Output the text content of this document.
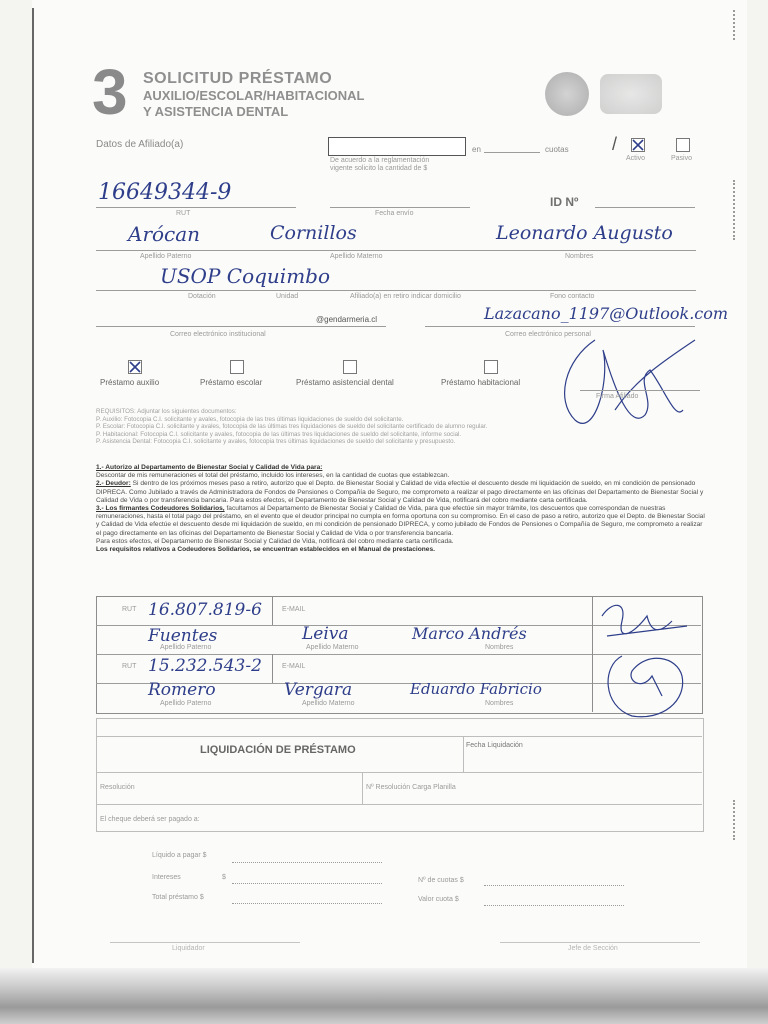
3 SOLICITUD PRÉSTAMO
AUXILIO/ESCOLAR/HABITACIONAL
Y ASISTENCIA DENTAL
Datos de Afiliado(a)
De acuerdo a la reglamentación
vigente solicito la cantidad de $
en	cuotas /
Activo	Pasivo
16649344-9
RUT	Fecha envío
ID Nº
Arócan	Cornillos	Leonardo Augusto
Apellido Paterno	Apellido Materno	Nombres
USOP Coquimbo
Dotación	Unidad	Afiliado(a) en retiro indicar domicilio	Fono contacto
@gendarmeria.cl	Lazacano_1197@Outlook.com
Correo electrónico institucional	Correo electrónico personal
Préstamo auxilio	Préstamo escolar	Préstamo asistencial dental	Préstamo habitacional
Firma Afiliado
REQUISITOS: Adjuntar los siguientes documentos:
P. Auxilio: Fotocopia C.I. solicitante y avales, fotocopia de las tres últimas liquidaciones de sueldo del solicitante.
P. Escolar: Fotocopia C.I. solicitante y avales, fotocopia de las últimas tres liquidaciones de sueldo del solicitante certificado de alumno regular.
P. Habitacional: Fotocopia C.I. solicitante y avales, fotocopia de las últimas tres liquidaciones de sueldo del solicitante, informe social.
P. Asistencia Dental: Fotocopia C.I. solicitante y avales, fotocopia tres últimas liquidaciones de sueldo del solicitante y presupuesto.
1.- Autorizo al Departamento de Bienestar Social y Calidad de Vida para:
Descontar de mis remuneraciones el total del préstamo, incluido los intereses, en la cantidad de cuotas que establezcan.
2.- Deudor: Si dentro de los próximos meses paso a retiro, autorizo que el Depto. de Bienestar Social y Calidad de vida efectúe el descuento desde mi liquidación de sueldo, en mi condición de pensionado DIPRECA. Como Jubilado a través de Administradora de Fondos de Pensiones o Compañía de Seguro, me comprometo a realizar el pago directamente en las oficinas del Departamento de Bienestar Social y Calidad de Vida o por transferencia bancaria. Para estos efectos, el Departamento de Bienestar Social y Calidad de Vida, notificará del cobro mediante carta certificada.
3.- Los firmantes Codeudores Solidarios, facultamos al Departamento de Bienestar Social y Calidad de Vida, para que efectúe sin mayor trámite, los descuentos que correspondan de nuestras remuneraciones, hasta el total pago del préstamo, en el evento que el deudor principal no cumpla en forma oportuna con su compromiso. En el caso de paso a retiro, autorizo que el Depto. de Bienestar Social y Calidad de Vida efectúe el descuento desde mi liquidación de sueldo, en mi condición de pensionado DIPRECA, y como jubilado de Fondos de Pensiones o Compañía de Seguro, me comprometo a realizar el pago directamente en las oficinas del Departamento de Bienestar Social y Calidad de Vida o por transferencia bancaria.
Para estos efectos, el Departamento de Bienestar Social y Calidad de Vida, notificará del cobro mediante carta certificada.
Los requisitos relativos a Codeudores Solidarios, se encuentran establecidos en el Manual de prestaciones.
RUT 16.807.819-6	E-MAIL
Fuentes	Leiva	Marco Andrés
Apellido Paterno	Apellido Materno	Nombres
RUT 15.232.543-2	E-MAIL
Romero	Vergara	Eduardo Fabricio
Apellido Paterno	Apellido Materno	Nombres
LIQUIDACIÓN DE PRÉSTAMO	Fecha Liquidación
Resolución	Nº Resolución Carga Planilla
El cheque deberá ser pagado a:
Líquido a pagar $
Intereses	$
Total préstamo $
Nº de cuotas $
Valor cuota $
Liquidador	Jefe de Sección
